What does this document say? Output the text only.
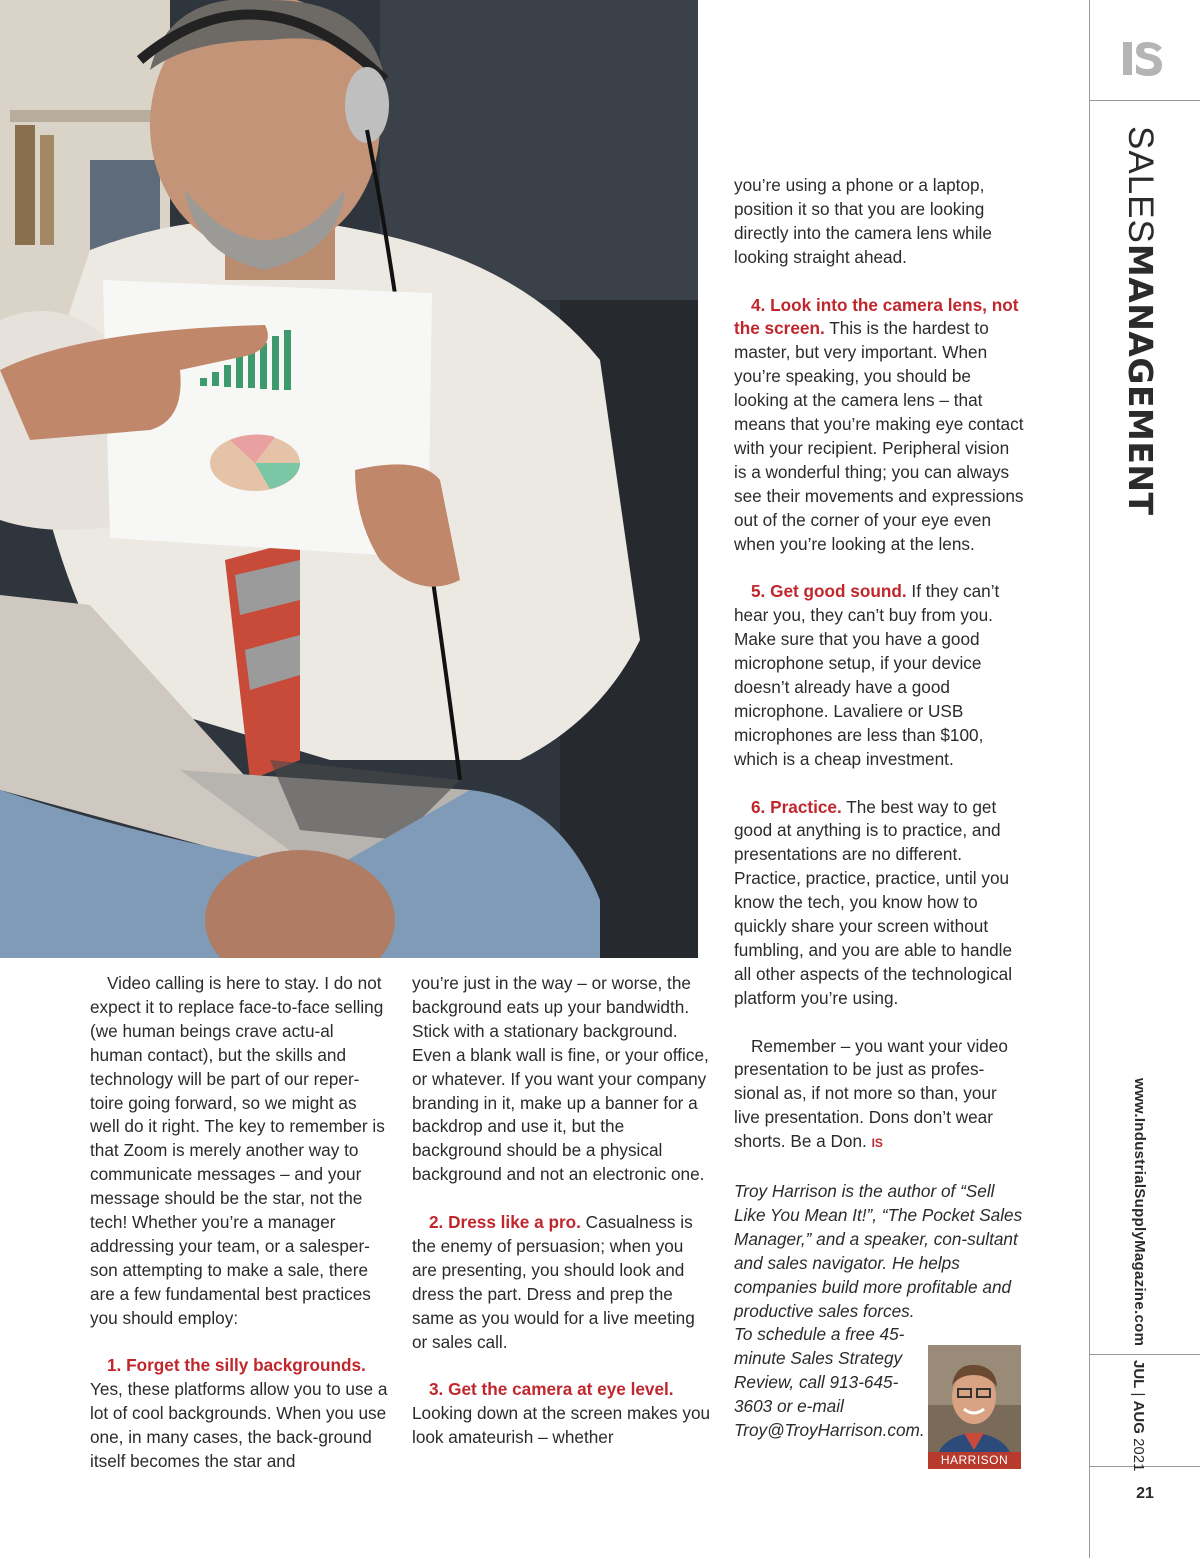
Video calling is here to stay. I do not expect it to replace face-to-face selling (we human beings crave actu-al human contact), but the skills and technology will be part of our reper-toire going forward, so we might as well do it right. The key to remember is that Zoom is merely another way to communicate messages – and your message should be the star, not the tech! Whether you’re a manager addressing your team, or a salesper-son attempting to make a sale, there are a few fundamental best practices you should employ:

1. Forget the silly backgrounds.

Yes, these platforms allow you to use a lot of cool backgrounds. When you use one, in many cases, the back-ground itself becomes the star and

you’re just in the way – or worse, the background eats up your bandwidth. Stick with a stationary background. Even a blank wall is fine, or your office, or whatever. If you want your company branding in it, make up a banner for a backdrop and use it, but the background should be a physical background and not an electronic one.

2. Dress like a pro. Casualness is the enemy of persuasion; when you are presenting, you should look and dress the part. Dress and prep the same as you would for a live meeting or sales call.

3. Get the camera at eye level.

Looking down at the screen makes you look amateurish – whether

you’re using a phone or a laptop, position it so that you are looking directly into the camera lens while looking straight ahead.

4. Look into the camera lens, not the screen. This is the hardest to master, but very important. When you’re speaking, you should be looking at the camera lens – that means that you’re making eye contact with your recipient. Peripheral vision is a wonderful thing; you can always see their movements and expressions out of the corner of your eye even when you’re looking at the lens.

5. Get good sound. If they can’t hear you, they can’t buy from you. Make sure that you have a good microphone setup, if your device doesn’t already have a good microphone. Lavaliere or USB microphones are less than $100, which is a cheap investment.

6. Practice. The best way to get good at anything is to practice, and presentations are no different. Practice, practice, practice, until you know the tech, you know how to quickly share your screen without fumbling, and you are able to handle all other aspects of the technological platform you’re using.

Remember – you want your video presentation to be just as profes-sional as, if not more so than, your live presentation. Dons don’t wear shorts. Be a Don. IS

Troy Harrison is the author of “Sell Like You Mean It!”, “The Pocket Sales Manager,” and a speaker, con-sultant and sales navigator. He helps companies build more profitable and productive sales forces.

To schedule a free 45-minute Sales Strategy Review, call 913-645-3603 or e-mail Troy@TroyHarrison.com.

HARRISON
SALESMANAGEMENT
www.IndustrialSupplyMagazine.com
JUL | AUG 2021
21
